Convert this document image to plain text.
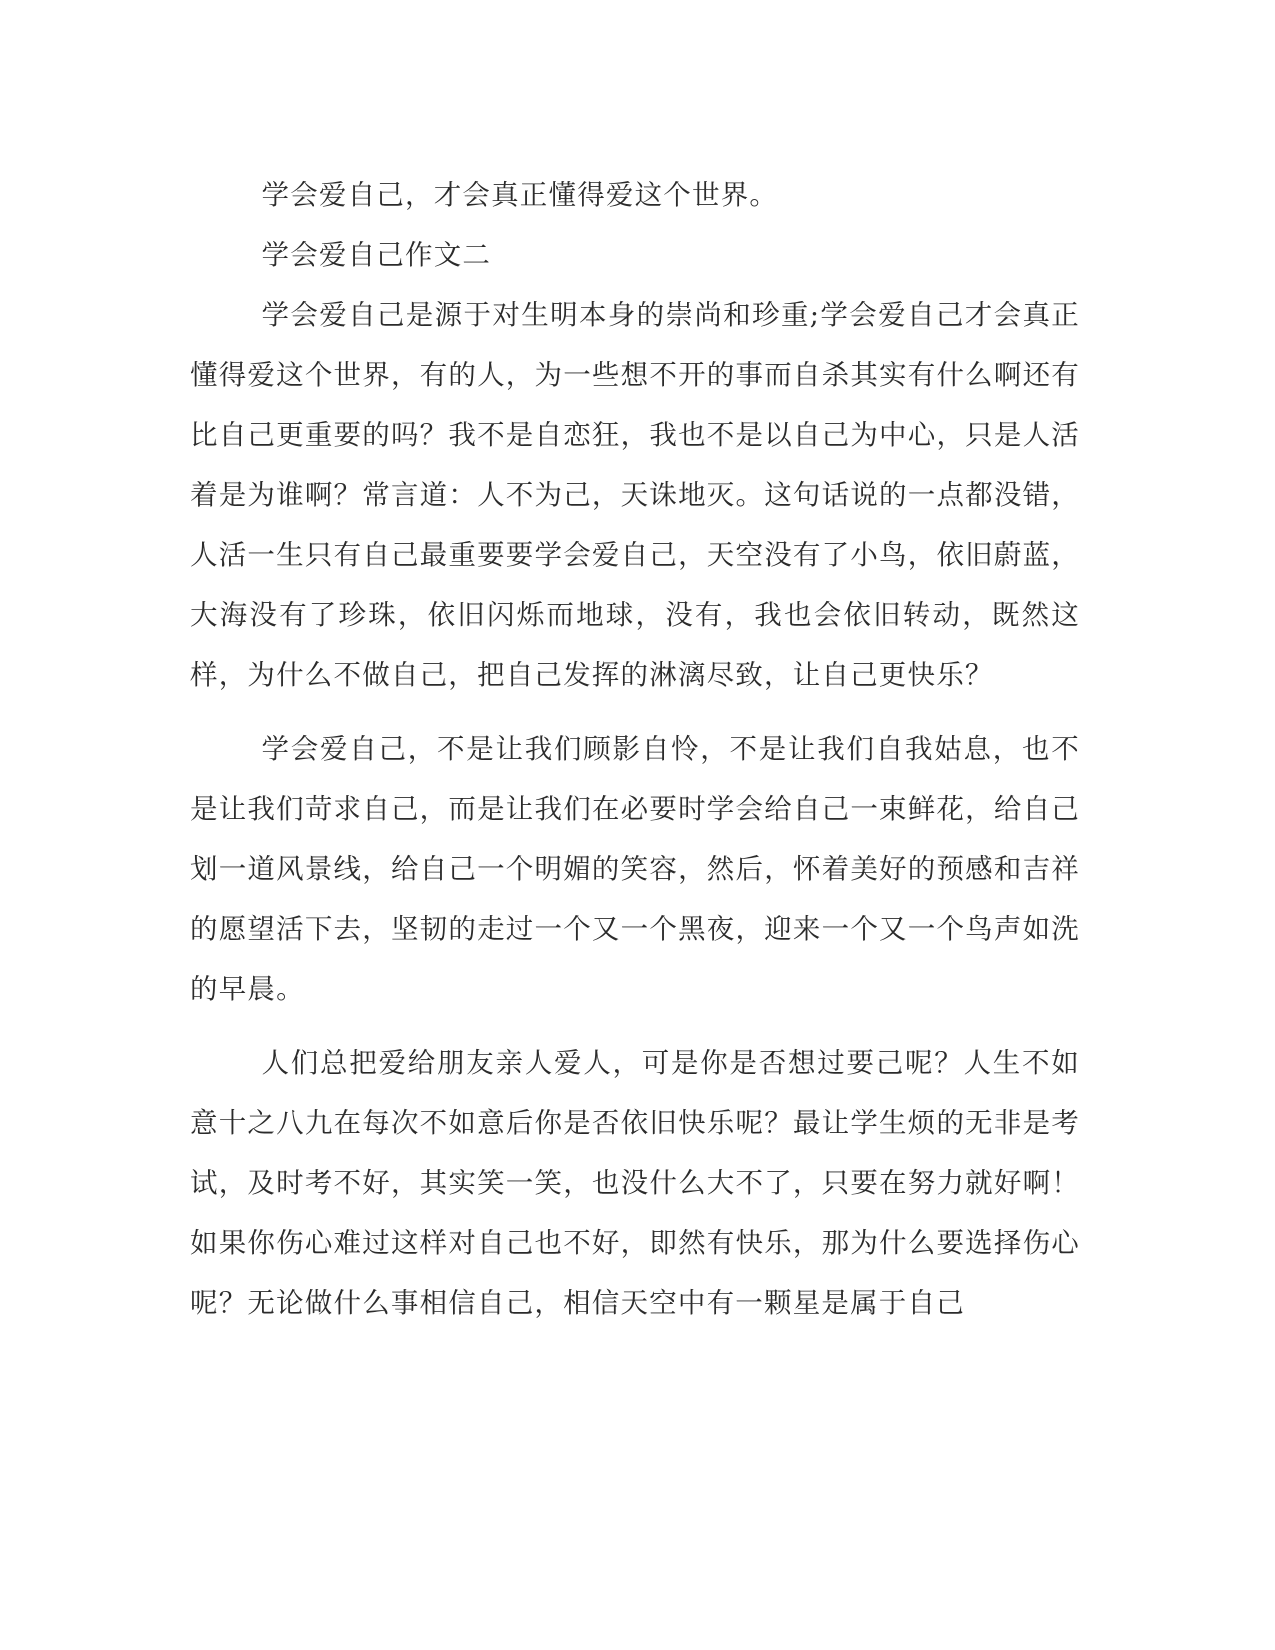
学会爱自己，才会真正懂得爱这个世界。

学会爱自己作文二

学会爱自己是源于对生明本身的崇尚和珍重;学会爱自己才会真正懂得爱这个世界，有的人，为一些想不开的事而自杀其实有什么啊还有比自己更重要的吗？我不是自恋狂，我也不是以自己为中心，只是人活着是为谁啊？常言道：人不为己，天诛地灭。这句话说的一点都没错，人活一生只有自己最重要要学会爱自己，天空没有了小鸟，依旧蔚蓝，大海没有了珍珠，依旧闪烁而地球，没有，我也会依旧转动，既然这样，为什么不做自己，把自己发挥的淋漓尽致，让自己更快乐？

学会爱自己，不是让我们顾影自怜，不是让我们自我姑息，也不是让我们苛求自己，而是让我们在必要时学会给自己一束鲜花，给自己划一道风景线，给自己一个明媚的笑容，然后，怀着美好的预感和吉祥的愿望活下去，坚韧的走过一个又一个黑夜，迎来一个又一个鸟声如洗的早晨。

人们总把爱给朋友亲人爱人，可是你是否想过要己呢？人生不如意十之八九在每次不如意后你是否依旧快乐呢？最让学生烦的无非是考试，及时考不好，其实笑一笑，也没什么大不了，只要在努力就好啊！如果你伤心难过这样对自己也不好，即然有快乐，那为什么要选择伤心呢？无论做什么事相信自己，相信天空中有一颗星是属于自己
